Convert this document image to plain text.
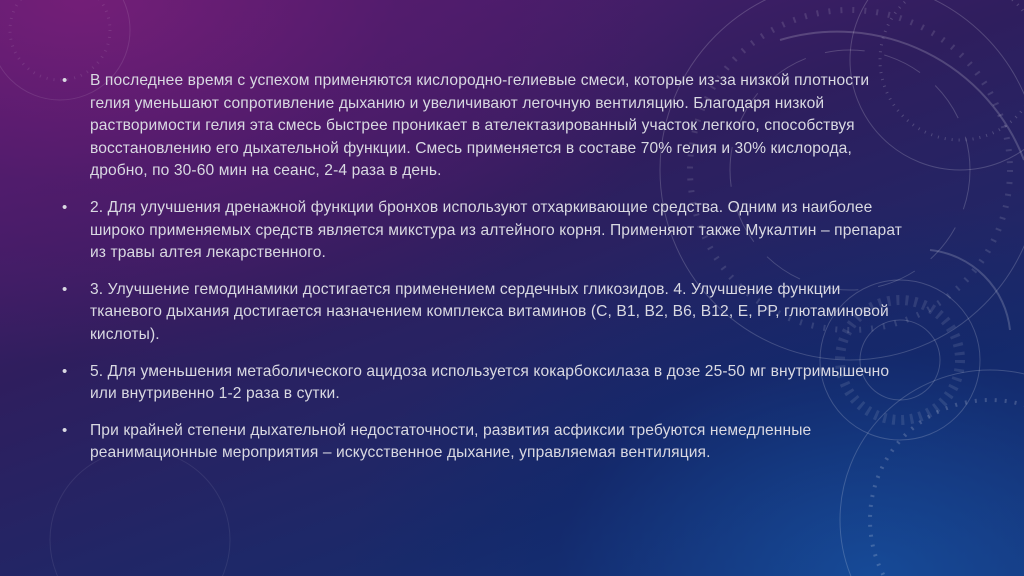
• В последнее время с успехом применяются кислородно-гелиевые смеси, которые из-за низкой плотности гелия уменьшают сопротивление дыханию и увеличивают легочную вентиляцию. Благодаря низкой растворимости гелия эта смесь быстрее проникает в ателектазированный участок легкого, способствуя восстановлению его дыхательной функции. Смесь применяется в составе 70% гелия и 30% кислорода, дробно, по 30-60 мин на сеанс, 2-4 раза в день.
• 2. Для улучшения дренажной функции бронхов используют отхаркивающие средства. Одним из наиболее широко применяемых средств является микстура из алтейного корня. Применяют также Мукалтин – препарат из травы алтея лекарственного.
• 3. Улучшение гемодинамики достигается применением сердечных гликозидов. 4. Улучшение функции тканевого дыхания достигается назначением комплекса витаминов (С, В1, В2, В6, В12, Е, РР, глютаминовой кислоты).
• 5. Для уменьшения метаболического ацидоза используется кокарбоксилаза в дозе 25-50 мг внутримышечно или внутривенно 1-2 раза в сутки.
• При крайней степени дыхательной недостаточности, развития асфиксии требуются немедленные реанимационные мероприятия – искусственное дыхание, управляемая вентиляция.
